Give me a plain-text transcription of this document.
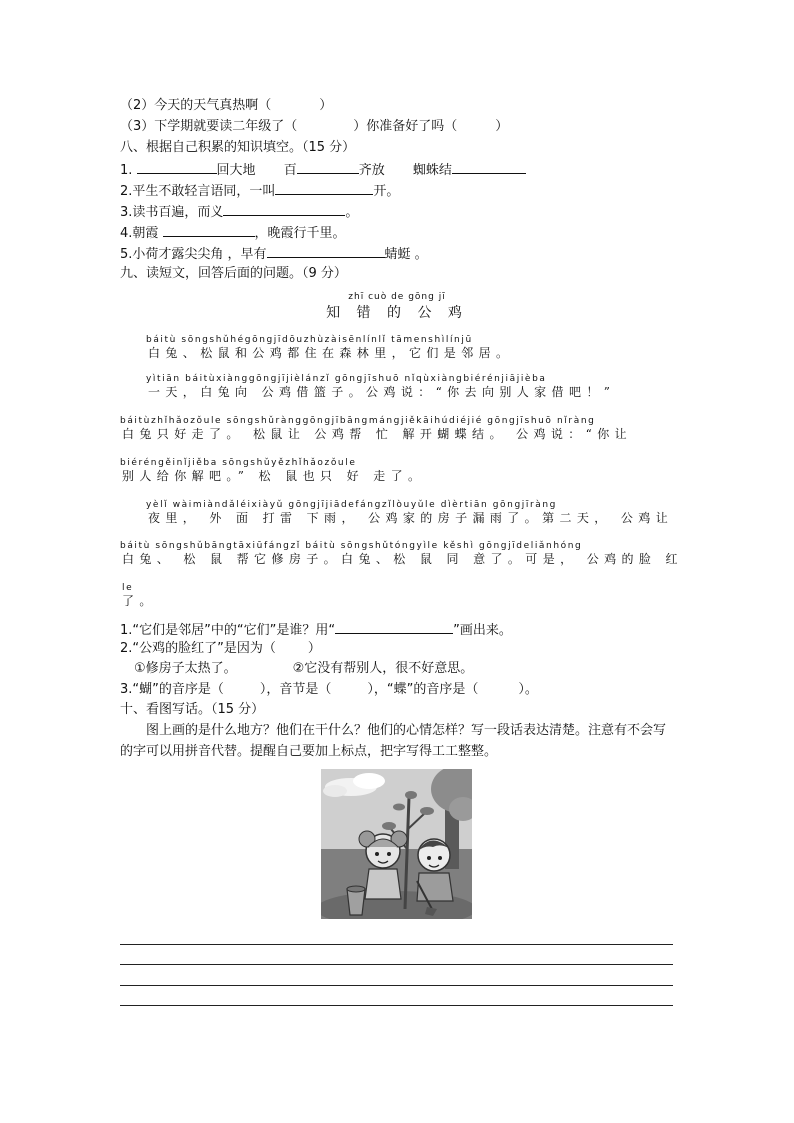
（2）今天的天气真热啊（	）
（3）下学期就要读二年级了（	）你准备好了吗（	）
八、根据自己积累的知识填空。（15 分）
1.	回大地 百	齐放 蜘蛛结
2.平生不敢轻言语同，一叫	开。
3.读书百遍，而义	。
4.朝霞	，晚霞行千里。
5.小荷才露尖尖角 ，早有	蜻蜓 。
九、读短文，回答后面的问题。（9 分）
zhī cuò de gōng jī
知 错 的 公 鸡
báitù sōngshǔhégōngjīdōuzhùzàisēnlínlǐ tāmenshìlínjū
白兔、松鼠和公鸡都住在森林里，它们是邻居。
yìtiān báitùxiànggōngjījièlánzǐ gōngjīshuō nǐqùxiàngbiérénjiājièba
一天，白兔向 公鸡借篮子。公鸡说：“你去向别人家借吧！”
báitùzhǐhǎozǒule sōngshǔrànggōngjībāngmángjiěkāihúdiéjié gōngjīshuō nǐràng
白兔只好走了。 松鼠让 公鸡帮 忙 解开蝴蝶结。 公鸡说：“你让
biéréngěinǐjiěba sōngshǔyězhǐhǎozǒule
别人给你解吧。” 松 鼠也只 好 走了。
yèlǐ wàimiàndǎléixiàyǔ gōngjījiādefángzǐlòuyǔle dìèrtiān gōngjīràng
夜里， 外 面 打雷 下雨， 公鸡家的房子漏雨了。第二天， 公鸡让
báitù sōngshǔbāngtāxiūfángzǐ báitù sōngshǔtóngyìle kěshì gōngjīdeliǎnhóng
白兔、 松 鼠 帮它修房子。白兔、松 鼠 同 意了。可是， 公鸡的脸 红
le
了。
1.“它们是邻居”中的“它们”是谁？用“	”画出来。
2.“公鸡的脸红了”是因为（ ）
①修房子太热了。	②它没有帮别人，很不好意思。
3.“蝴”的音序是（	），音节是（	），“蝶”的音序是（	）。
十、看图写话。（15 分）
图上画的是什么地方？他们在干什么？他们的心情怎样？写一段话表达清楚。注意有不会写的字可以用拼音代替。提醒自己要加上标点，把字写得工工整整。
